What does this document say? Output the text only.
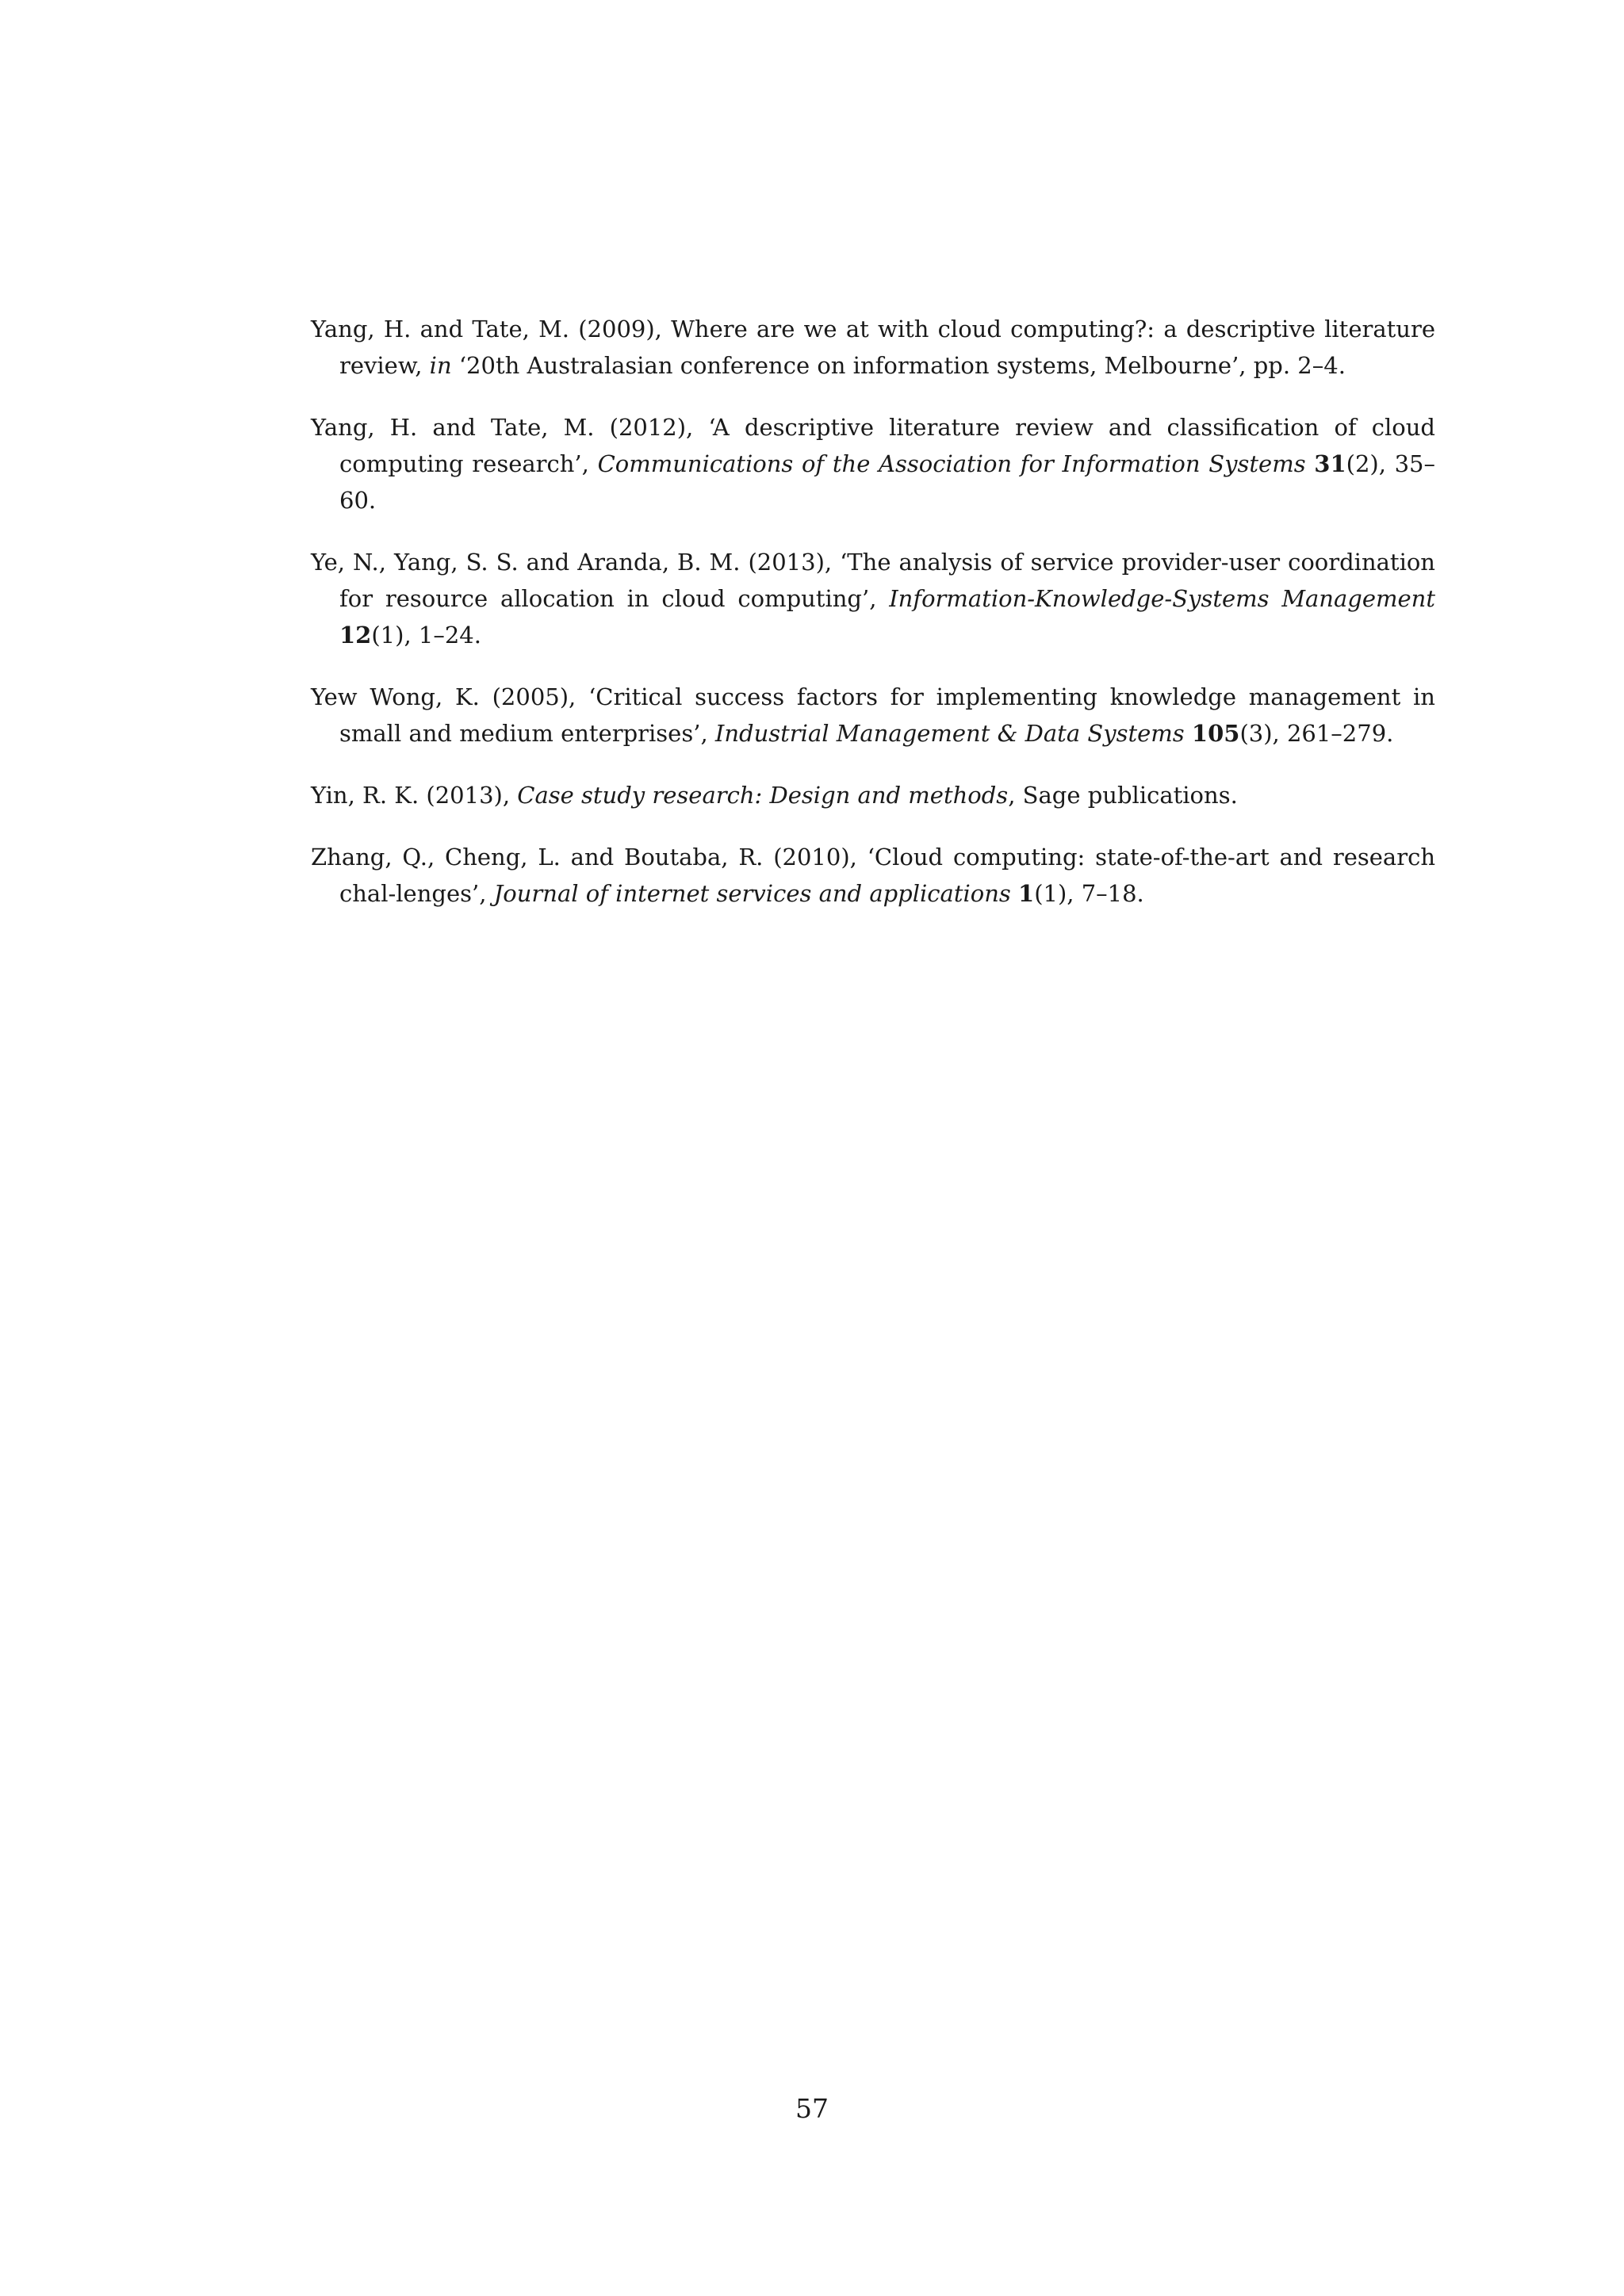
Yang, H. and Tate, M. (2009), Where are we at with cloud computing?: a descriptive literature review, in ‘20th Australasian conference on information systems, Melbourne’, pp. 2–4.
Yang, H. and Tate, M. (2012), ‘A descriptive literature review and classification of cloud computing research’, Communications of the Association for Information Systems 31(2), 35–60.
Ye, N., Yang, S. S. and Aranda, B. M. (2013), ‘The analysis of service provider-user coordination for resource allocation in cloud computing’, Information-Knowledge-Systems Management 12(1), 1–24.
Yew Wong, K. (2005), ‘Critical success factors for implementing knowledge management in small and medium enterprises’, Industrial Management & Data Systems 105(3), 261–279.
Yin, R. K. (2013), Case study research: Design and methods, Sage publications.
Zhang, Q., Cheng, L. and Boutaba, R. (2010), ‘Cloud computing: state-of-the-art and research chal-lenges’, Journal of internet services and applications 1(1), 7–18.
57
